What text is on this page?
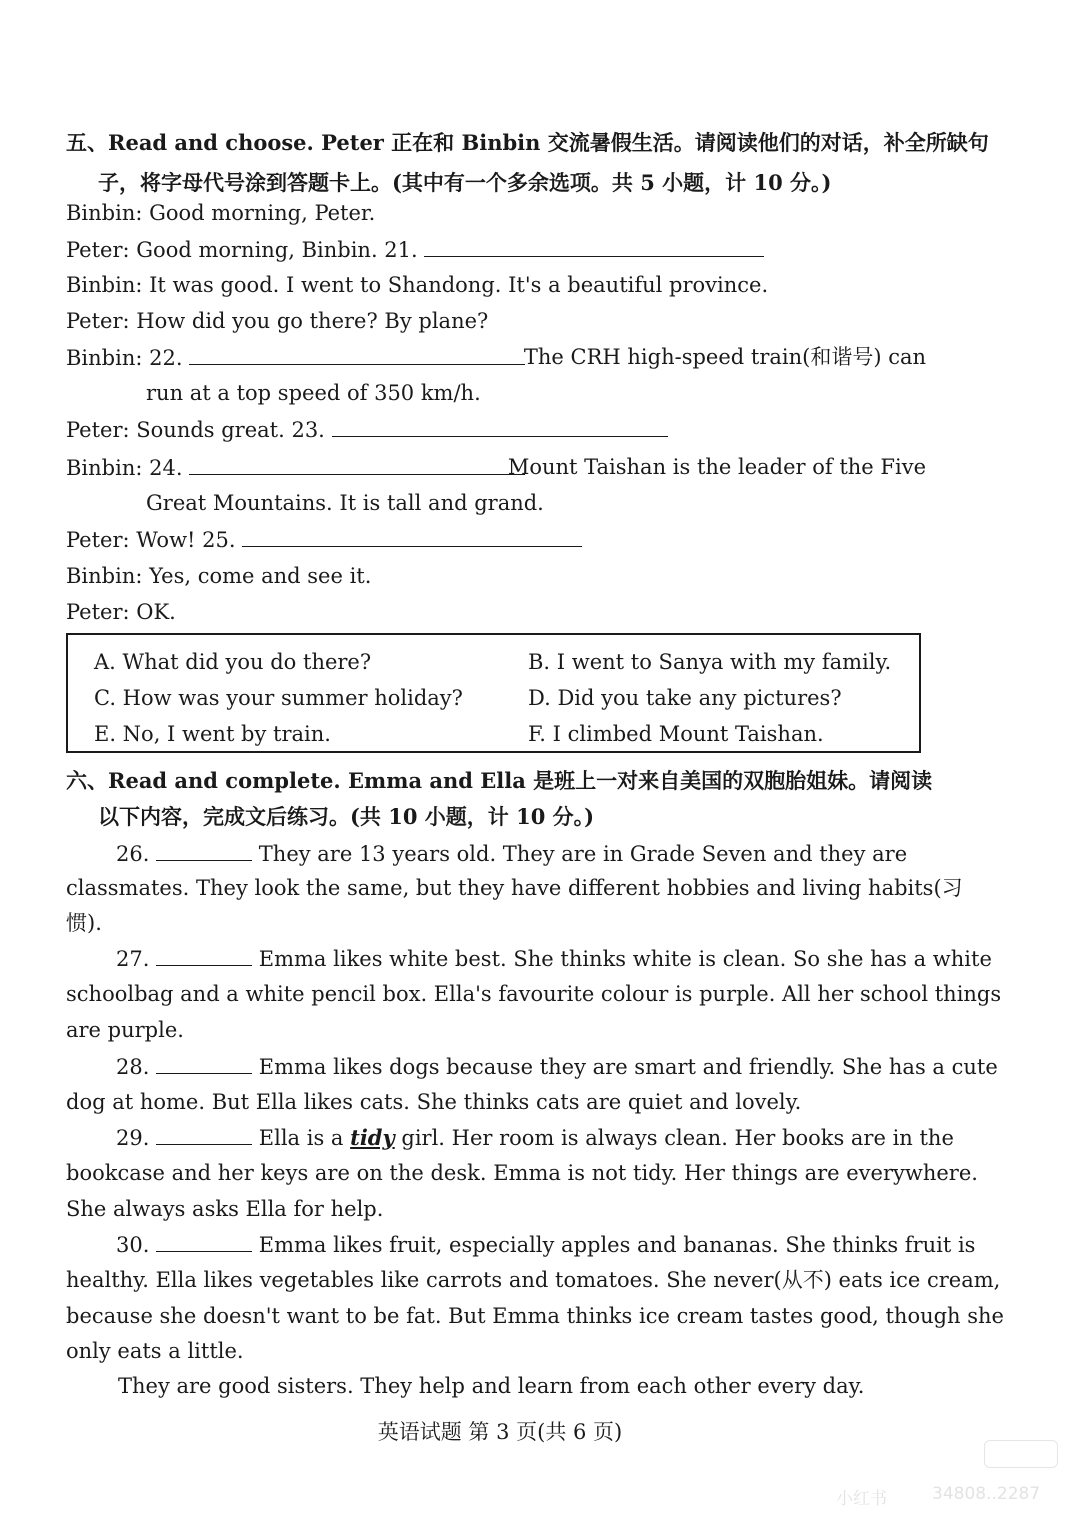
五、Read and choose. Peter 正在和 Binbin 交流暑假生活。请阅读他们的对话，补全所缺句
子，将字母代号涂到答题卡上。(其中有一个多余选项。共 5 小题，计 10 分。)
Binbin: Good morning, Peter.
Peter: Good morning, Binbin. 21.
Binbin: It was good. I went to Shandong. It's a beautiful province.
Peter: How did you go there? By plane?
Binbin: 22.	The CRH high-speed train(和谐号) can
run at a top speed of 350 km/h.
Peter: Sounds great. 23.
Binbin: 24.	Mount Taishan is the leader of the Five
Great Mountains. It is tall and grand.
Peter: Wow! 25.
Binbin: Yes, come and see it.
Peter: OK.
A. What did you do there?	B. I went to Sanya with my family.
C. How was your summer holiday?	D. Did you take any pictures?
E. No, I went by train.	F. I climbed Mount Taishan.
六、Read and complete. Emma and Ella 是班上一对来自美国的双胞胎姐妹。请阅读
以下内容，完成文后练习。(共 10 小题，计 10 分。)
26.	They are 13 years old. They are in Grade Seven and they are
classmates. They look the same, but they have different hobbies and living habits(习
惯).
27.	Emma likes white best. She thinks white is clean. So she has a white
schoolbag and a white pencil box. Ella's favourite colour is purple. All her school things
are purple.
28.	Emma likes dogs because they are smart and friendly. She has a cute
dog at home. But Ella likes cats. She thinks cats are quiet and lovely.
29.	Ella is a tidy girl. Her room is always clean. Her books are in the
bookcase and her keys are on the desk. Emma is not tidy. Her things are everywhere.
She always asks Ella for help.
30.	Emma likes fruit, especially apples and bananas. She thinks fruit is
healthy. Ella likes vegetables like carrots and tomatoes. She never(从不) eats ice cream,
because she doesn't want to be fat. But Emma thinks ice cream tastes good, though she
only eats a little.
They are good sisters. They help and learn from each other every day.
英语试题 第 3 页(共 6 页)
小红书	34808..2287
